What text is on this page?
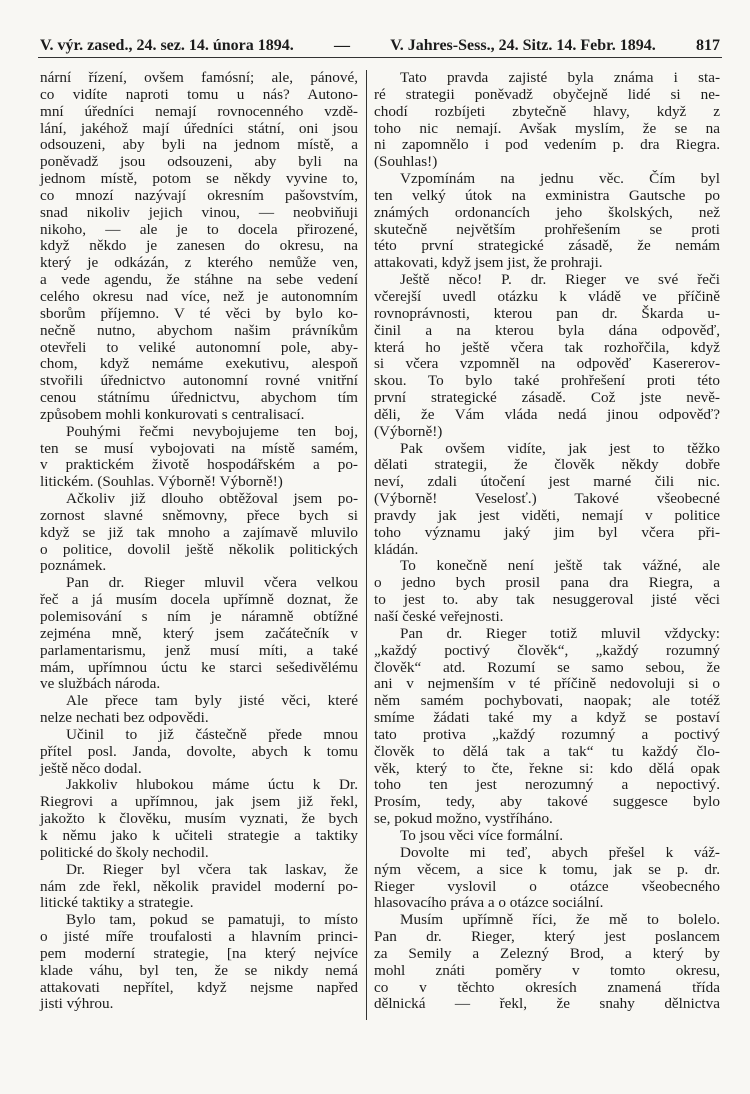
V. výr. zased., 24. sez. 14. února 1894.	—	V. Jahres-Sess., 24. Sitz. 14. Febr. 1894.	817
nární řízení, ovšem famósní; ale, pánové,
co vidíte naproti tomu u nás? Autono-
mní úředníci nemají rovnocenného vzdě-
lání, jakéhož mají úředníci státní, oni jsou
odsouzeni, aby byli na jednom místě, a
poněvadž jsou odsouzeni, aby byli na
jednom místě, potom se někdy vyvine to,
co mnozí nazývají okresním pašovstvím,
snad nikoliv jejich vinou, — neobviňuji
nikoho, — ale je to docela přirozené,
když někdo je zanesen do okresu, na
který je odkázán, z kterého nemůže ven,
a vede agendu, že stáhne na sebe vedení
celého okresu nad více, než je autonomním
sborům příjemno. V té věci by bylo ko-
nečně nutno, abychom našim právníkům
otevřeli to veliké autonomní pole, aby-
chom, když nemáme exekutivu, alespoň
stvořili úřednictvo autonomní rovné vnitřní
cenou státnímu úřednictvu, abychom tím
způsobem mohli konkurovati s centralisací.
Pouhými řečmi nevybojujeme ten boj,
ten se musí vybojovati na místě samém,
v praktickém životě hospodářském a po-
litickém. (Souhlas. Výborně! Výborně!)
Ačkoliv již dlouho obtěžoval jsem po-
zornost slavné sněmovny, přece bych si
když se již tak mnoho a zajímavě mluvilo
o politice, dovolil ještě několik politických
poznámek.
Pan dr. Rieger mluvil včera velkou
řeč a já musím docela upřímně doznat, že
polemisování s ním je náramně obtížné
zejména mně, který jsem začátečník v
parlamentarismu, jenž musí míti, a také
mám, upřímnou úctu ke starci sešedivělému
ve službách národa.
Ale přece tam byly jisté věci, které
nelze nechati bez odpovědi.
Učinil to již částečně přede mnou
přítel posl. Janda, dovolte, abych k tomu
ještě něco dodal.
Jakkoliv hlubokou máme úctu k Dr.
Riegrovi a upřímnou, jak jsem již řekl,
jakožto k člověku, musím vyznati, že bych
k němu jako k učiteli strategie a taktiky
politické do školy nechodil.
Dr. Rieger byl včera tak laskav, že
nám zde řekl, několik pravidel moderní po-
litické taktiky a strategie.
Bylo tam, pokud se pamatuji, to místo
o jisté míře troufalosti a hlavním princi-
pem moderní strategie, [na který nejvíce
klade váhu, byl ten, že se nikdy nemá
attakovati nepřítel, když nejsme napřed
jisti výhrou.
Tato pravda zajisté byla známa i sta-
ré strategii poněvadž obyčejně lidé si ne-
chodí rozbíjeti zbytečně hlavy, když z
toho nic nemají. Avšak myslím, že se na
ni zapomnělo i pod vedením p. dra Riegra.
(Souhlas!)
Vzpomínám na jednu věc. Čím byl
ten velký útok na exministra Gautsche po
známých ordonancích jeho školských, než
skutečně největším prohřešením se proti
této první strategické zásadě, že nemám
attakovati, když jsem jist, že prohraji.
Ještě něco! P. dr. Rieger ve své řeči
včerejší uvedl otázku k vládě ve příčině
rovnoprávnosti, kterou pan dr. Škarda u-
činil a na kterou byla dána odpověď,
která ho ještě včera tak rozhořčila, když
si včera vzpomněl na odpověď Kasererov-
skou. To bylo také prohřešení proti této
první strategické zásadě. Což jste nevě-
děli, že Vám vláda nedá jinou odpověď?
(Výborně!)
Pak ovšem vidíte, jak jest to těžko
dělati strategii, že člověk někdy dobře
neví, zdali útočení jest marné čili nic.
(Výborně! Veselosť.) Takové všeobecné
pravdy jak jest viděti, nemají v politice
toho významu jaký jim byl včera při-
kládán.
To konečně není ještě tak vážné, ale
o jedno bych prosil pana dra Riegra, a
to jest to. aby tak nesuggeroval jisté věci
naší české veřejnosti.
Pan dr. Rieger totiž mluvil vždycky:
„každý poctivý člověk“, „každý rozumný
člověk“ atd. Rozumí se samo sebou, že
ani v nejmenším v té příčině nedovoluji si o
něm samém pochybovati, naopak; ale totéž
smíme žádati také my a když se postaví
tato protiva „každý rozumný a poctivý
člověk to dělá tak a tak“ tu každý člo-
věk, který to čte, řekne si: kdo dělá opak
toho ten jest nerozumný a nepoctivý.
Prosím, tedy, aby takové suggesce bylo
se, pokud možno, vystříháno.
To jsou věci více formální.
Dovolte mi teď, abych přešel k váž-
ným věcem, a sice k tomu, jak se p. dr.
Rieger vyslovil o otázce všeobecného
hlasovacího práva a o otázce sociální.
Musím upřímně říci, že mě to bolelo.
Pan dr. Rieger, který jest poslancem
za Semily a Zelezný Brod, a který by
mohl znáti poměry v tomto okresu,
co v těchto okresích znamená třída
dělnická — řekl, že snahy dělnictva
